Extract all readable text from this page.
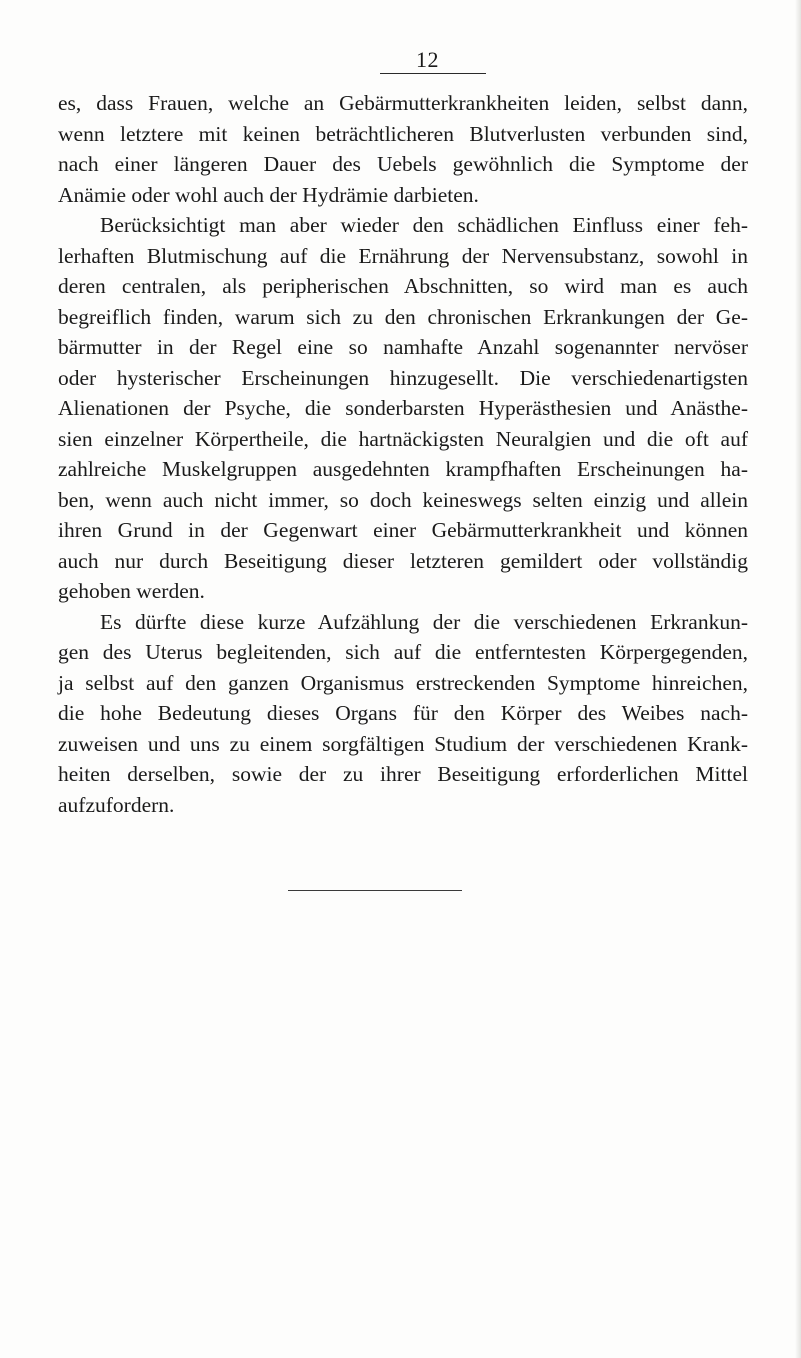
12
es, dass Frauen, welche an Gebärmutterkrankheiten leiden, selbst dann,
wenn letztere mit keinen beträchtlicheren Blutverlusten verbunden sind,
nach einer längeren Dauer des Uebels gewöhnlich die Symptome der
Anämie oder wohl auch der Hydrämie darbieten.
Berücksichtigt man aber wieder den schädlichen Einfluss einer feh-
lerhaften Blutmischung auf die Ernährung der Nervensubstanz, sowohl in
deren centralen, als peripherischen Abschnitten, so wird man es auch
begreiflich finden, warum sich zu den chronischen Erkrankungen der Ge-
bärmutter in der Regel eine so namhafte Anzahl sogenannter nervöser
oder hysterischer Erscheinungen hinzugesellt. Die verschiedenartigsten
Alienationen der Psyche, die sonderbarsten Hyperästhesien und Anästhe-
sien einzelner Körpertheile, die hartnäckigsten Neuralgien und die oft auf
zahlreiche Muskelgruppen ausgedehnten krampfhaften Erscheinungen ha-
ben, wenn auch nicht immer, so doch keineswegs selten einzig und allein
ihren Grund in der Gegenwart einer Gebärmutterkrankheit und können
auch nur durch Beseitigung dieser letzteren gemildert oder vollständig
gehoben werden.
Es dürfte diese kurze Aufzählung der die verschiedenen Erkrankun-
gen des Uterus begleitenden, sich auf die entferntesten Körpergegenden,
ja selbst auf den ganzen Organismus erstreckenden Symptome hinreichen,
die hohe Bedeutung dieses Organs für den Körper des Weibes nach-
zuweisen und uns zu einem sorgfältigen Studium der verschiedenen Krank-
heiten derselben, sowie der zu ihrer Beseitigung erforderlichen Mittel
aufzufordern.
